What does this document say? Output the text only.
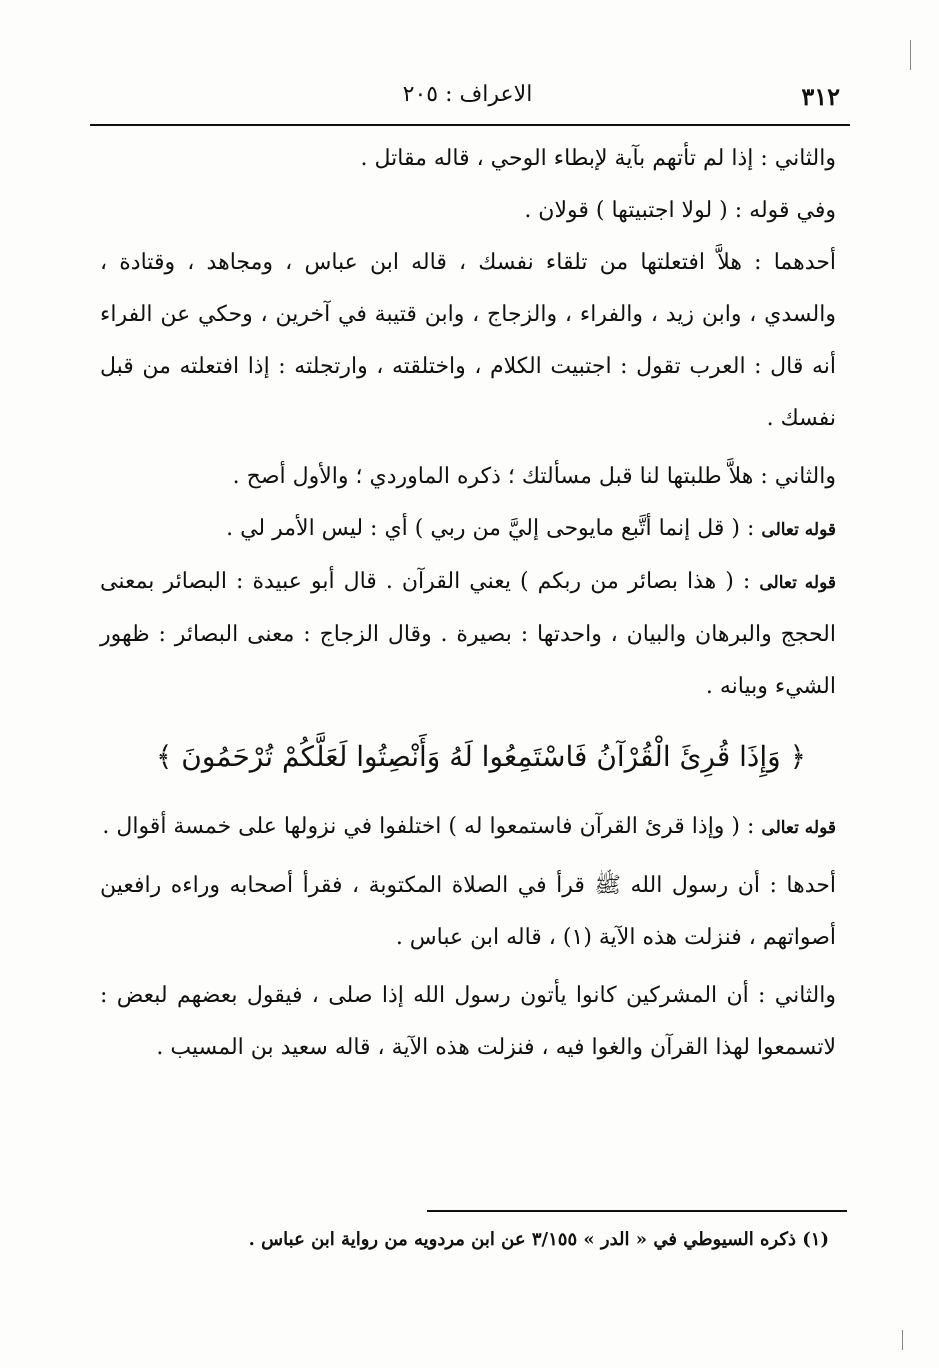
٣١٢
الاعراف : ٢٠٥

والثاني : إذا لم تأتهم بآية لإبطاء الوحي ، قاله مقاتل .

وفي قوله : ( لولا اجتبيتها ) قولان .

أحدهما : هلاَّ افتعلتها من تلقاء نفسك ، قاله ابن عباس ، ومجاهد ، وقتادة ، والسدي ، وابن زيد ، والفراء ، والزجاج ، وابن قتيبة في آخرين ، وحكي عن الفراء أنه قال : العرب تقول : اجتبيت الكلام ، واختلقته ، وارتجلته : إذا افتعلته من قبل نفسك .

والثاني : هلاَّ طلبتها لنا قبل مسألتك ؛ ذكره الماوردي ؛ والأول أصح .

قوله تعالى : ( قل إنما أتَّبع مايوحى إليَّ من ربي ) أي : ليس الأمر لي .

قوله تعالى : ( هذا بصائر من ربكم ) يعني القرآن . قال أبو عبيدة : البصائر بمعنى الحجج والبرهان والبيان ، واحدتها : بصيرة . وقال الزجاج : معنى البصائر : ظهور الشيء وبيانه .

﴿ وَإِذَا قُرِئَ الْقُرْآنُ فَاسْتَمِعُوا لَهُ وَأَنْصِتُوا لَعَلَّكُمْ تُرْحَمُونَ ﴾

قوله تعالى : ( وإذا قرئ القرآن فاستمعوا له ) اختلفوا في نزولها على خمسة أقوال .

أحدها : أن رسول الله ﷺ قرأ في الصلاة المكتوبة ، فقرأ أصحابه وراءه رافعين أصواتهم ، فنزلت هذه الآية (١) ، قاله ابن عباس .

والثاني : أن المشركين كانوا يأتون رسول الله إذا صلى ، فيقول بعضهم لبعض : لاتسمعوا لهذا القرآن والغوا فيه ، فنزلت هذه الآية ، قاله سعيد بن المسيب .

(١) ذكره السيوطي في « الدر » ٣/١٥٥ عن ابن مردويه من رواية ابن عباس .
